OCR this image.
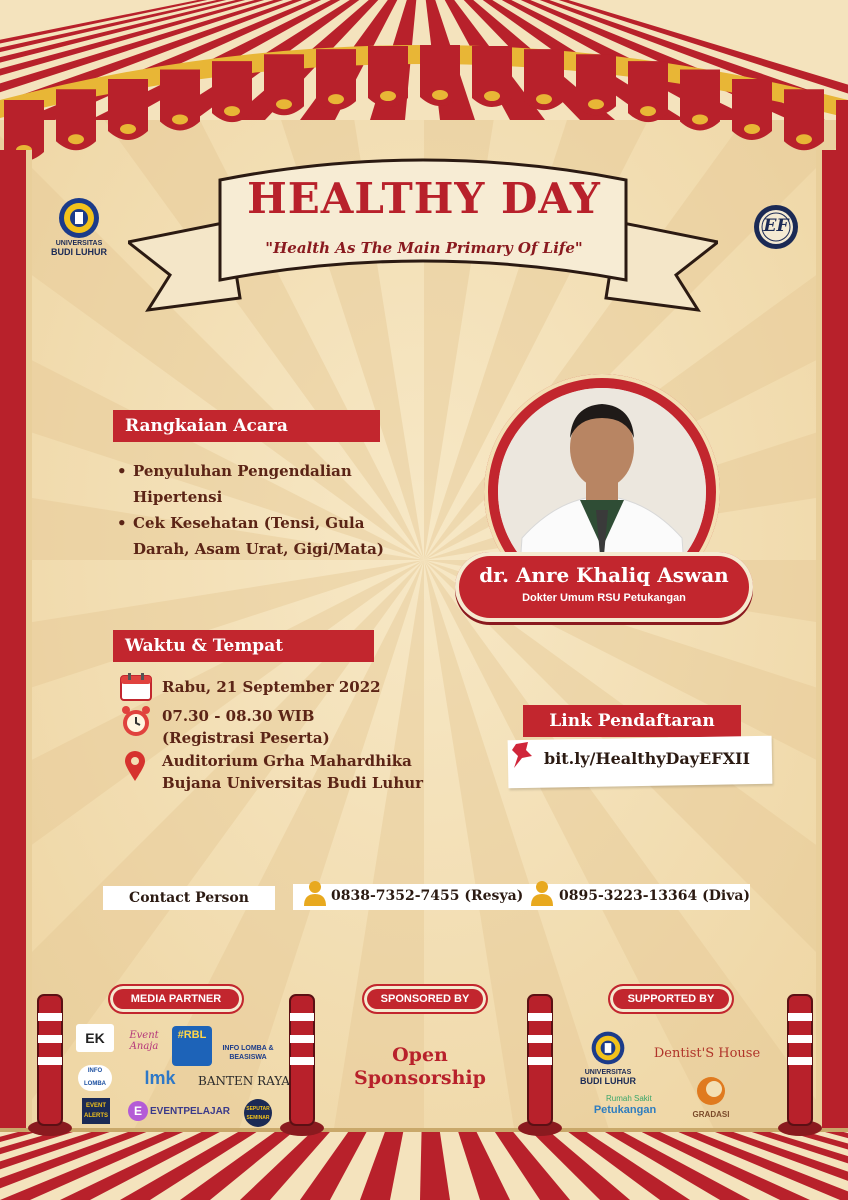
UNIVERSITAS
BUDI LUHUR
EF
HEALTHY DAY
"Health As The Main Primary Of Life"
dr. Anre Khaliq Aswan
Dokter Umum RSU Petukangan
Rangkaian Acara
• Penyuluhan Pengendalian Hipertensi
• Cek Kesehatan (Tensi, Gula Darah, Asam Urat, Gigi/Mata)
Waktu & Tempat
Rabu, 21 September 2022
07.30 - 08.30 WIB
(Registrasi Peserta)
Auditorium Grha Mahardhika
Bujana Universitas Budi Luhur
Link Pendaftaran
bit.ly/HealthyDayEFXII
Contact Person	0838-7352-7455 (Resya)	0895-3223-13364 (Diva)
MEDIA PARTNER	SPONSORED BY	SUPPORTED BY
Open Sponsorship
EK	Event Anaja
#RBL
INFO LOMBA & BEASISWA
INFO LOMBA	lmk	BANTEN RAYA
EVENT ALERTS	EVENTPELAJAR
E	SEPUTAR SEMINAR
UNIVERSITAS
BUDI LUHUR
Dentist'S House
Rumah Sakit
Petukangan	GRADASI
